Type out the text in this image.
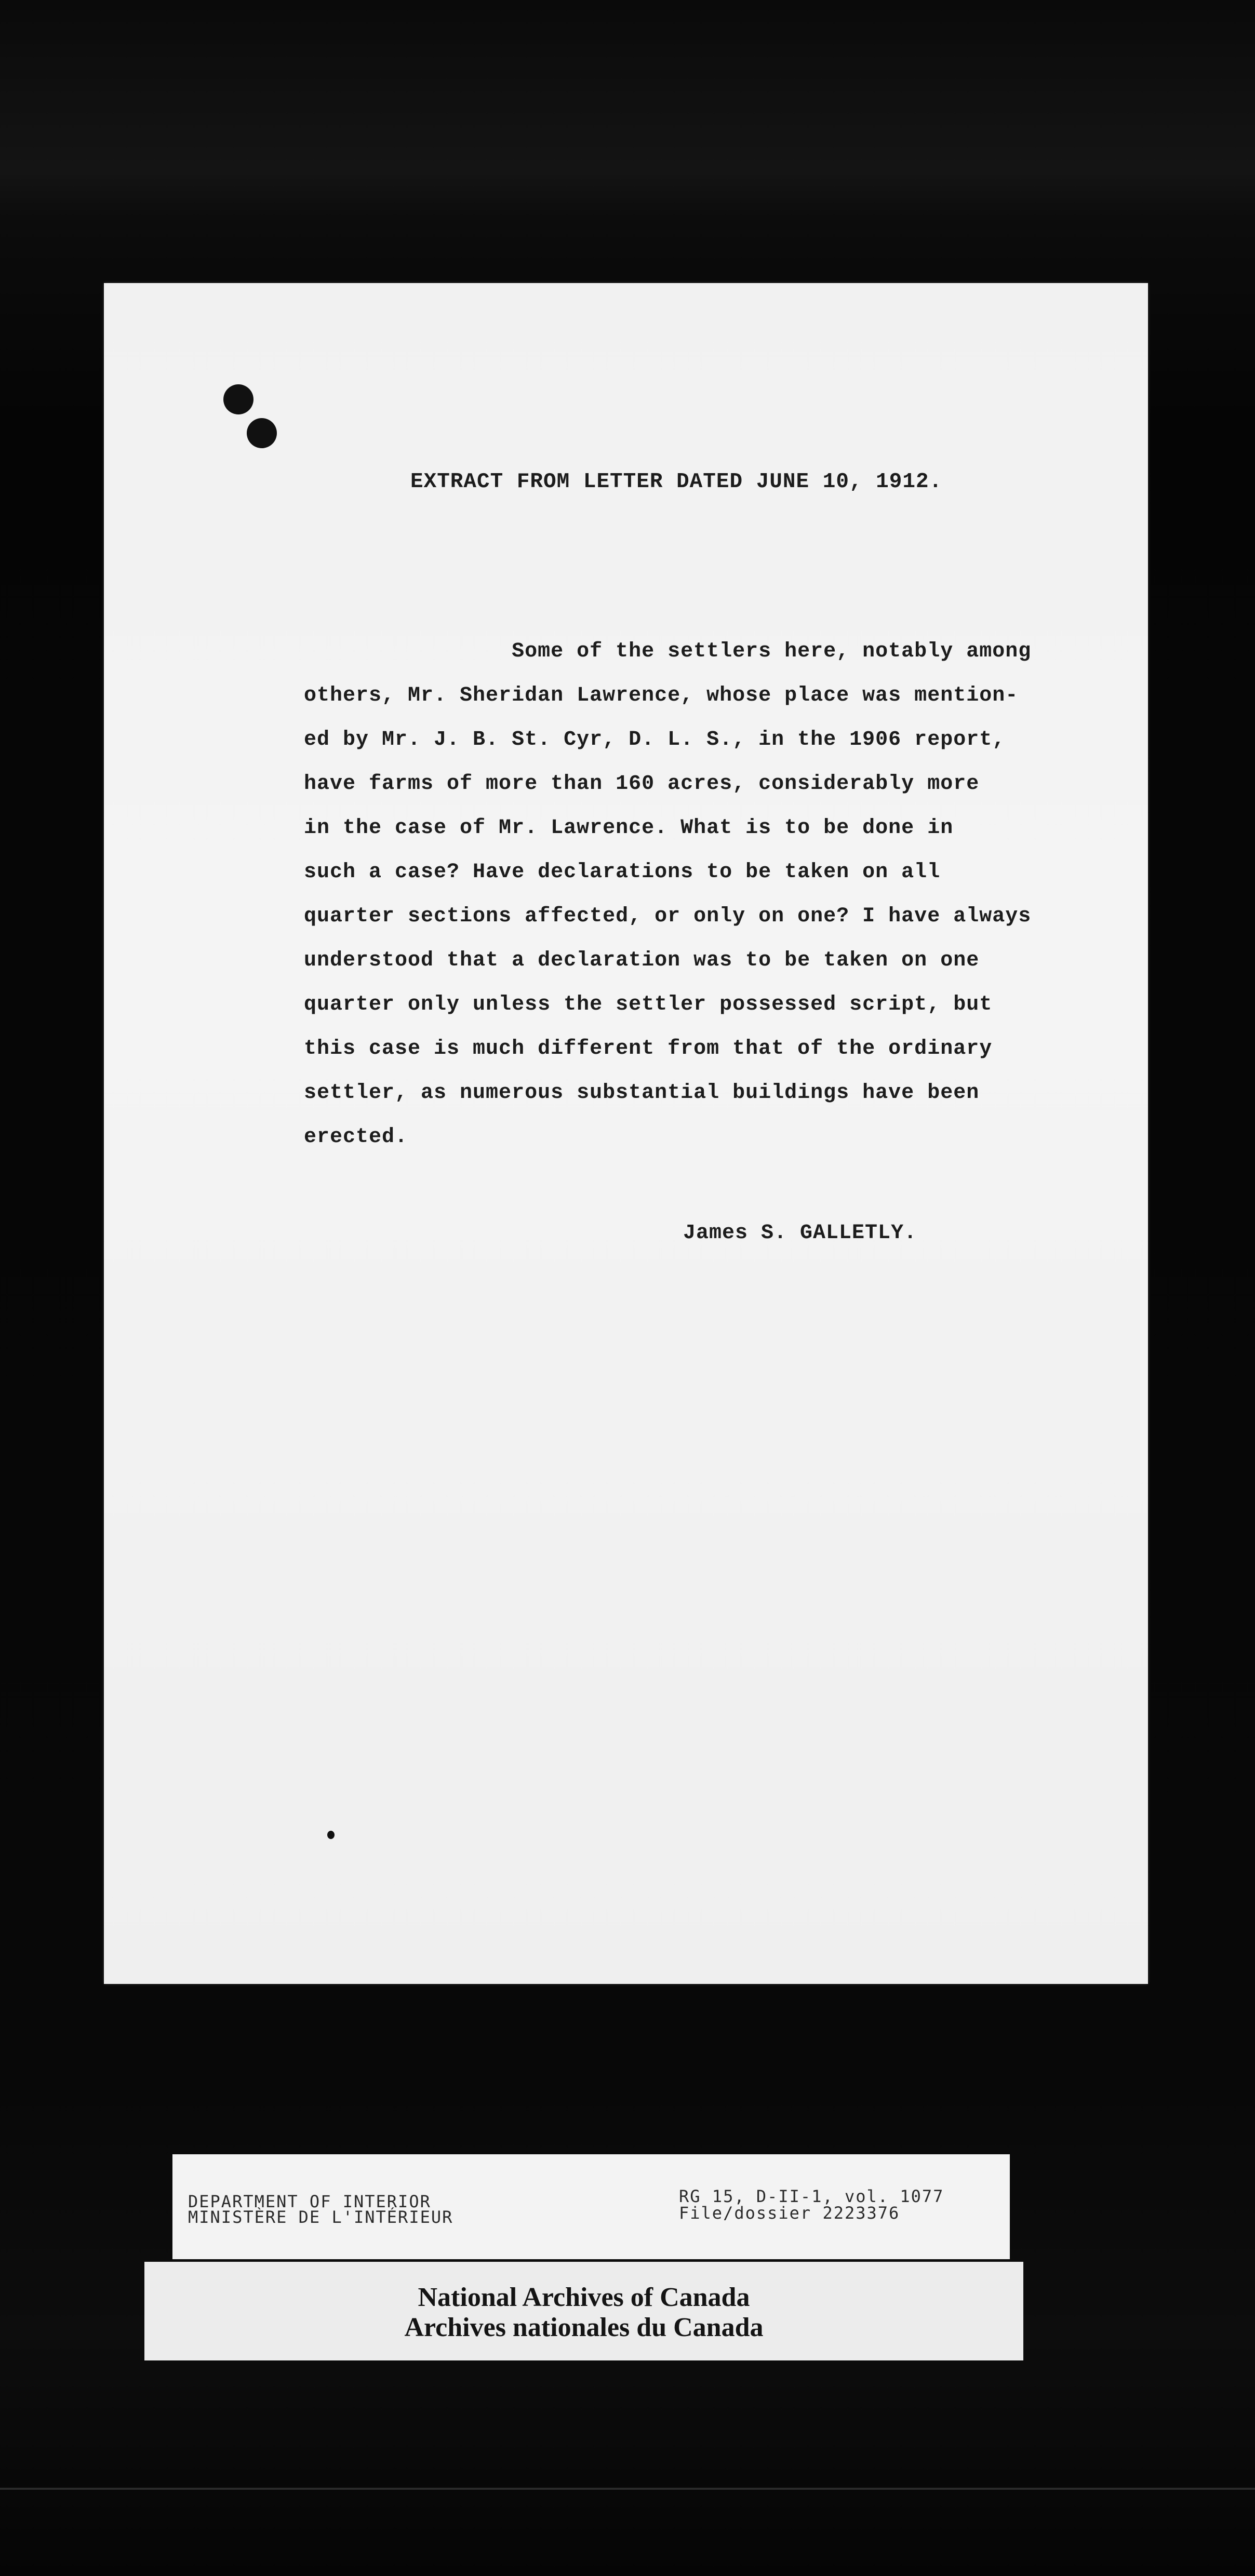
EXTRACT FROM LETTER DATED JUNE 10, 1912.
Some of the settlers here, notably among
others, Mr. Sheridan Lawrence, whose place was mention-
ed by Mr. J. B. St. Cyr, D. L. S., in the 1906 report,
have farms of more than 160 acres, considerably more
in the case of Mr. Lawrence. What is to be done in
such a case? Have declarations to be taken on all
quarter sections affected, or only on one? I have always
understood that a declaration was to be taken on one
quarter only unless the settler possessed script, but
this case is much different from that of the ordinary
settler, as numerous substantial buildings have been
erected.
James S. GALLETLY.
DEPARTMENT OF INTERIOR
MINISTÈRE DE L'INTÉRIEUR
RG 15, D-II-1, vol. 1077
File/dossier 2223376
National Archives of Canada
Archives nationales du Canada
